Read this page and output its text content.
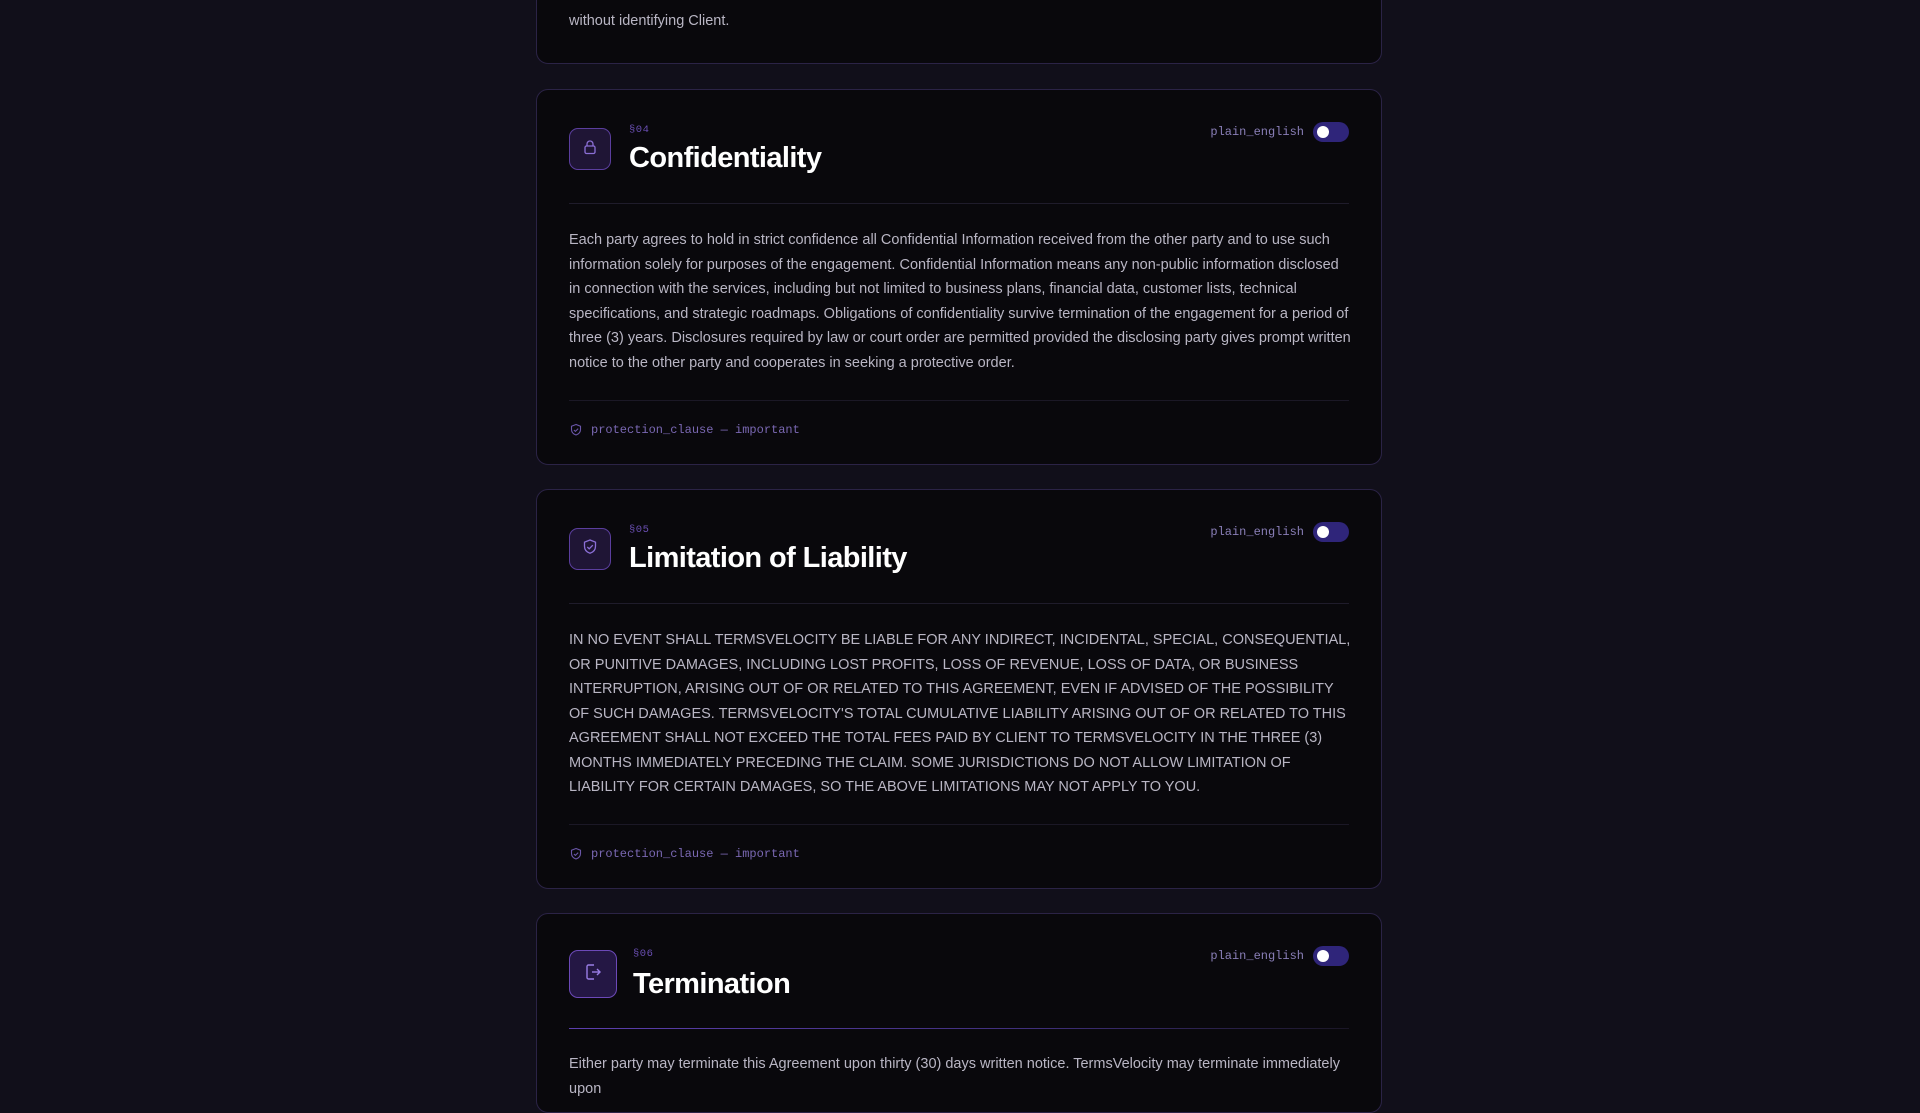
without identifying Client.
§04
Confidentiality
plain_english
Each party agrees to hold in strict confidence all Confidential Information received from the other party and to use such information solely for purposes of the engagement. Confidential Information means any non-public information disclosed in connection with the services, including but not limited to business plans, financial data, customer lists, technical specifications, and strategic roadmaps. Obligations of confidentiality survive termination of the engagement for a period of three (3) years. Disclosures required by law or court order are permitted provided the disclosing party gives prompt written notice to the other party and cooperates in seeking a protective order.
protection_clause — important
§05
Limitation of Liability
plain_english
IN NO EVENT SHALL TERMSVELOCITY BE LIABLE FOR ANY INDIRECT, INCIDENTAL, SPECIAL, CONSEQUENTIAL, OR PUNITIVE DAMAGES, INCLUDING LOST PROFITS, LOSS OF REVENUE, LOSS OF DATA, OR BUSINESS INTERRUPTION, ARISING OUT OF OR RELATED TO THIS AGREEMENT, EVEN IF ADVISED OF THE POSSIBILITY OF SUCH DAMAGES. TERMSVELOCITY'S TOTAL CUMULATIVE LIABILITY ARISING OUT OF OR RELATED TO THIS AGREEMENT SHALL NOT EXCEED THE TOTAL FEES PAID BY CLIENT TO TERMSVELOCITY IN THE THREE (3) MONTHS IMMEDIATELY PRECEDING THE CLAIM. SOME JURISDICTIONS DO NOT ALLOW LIMITATION OF LIABILITY FOR CERTAIN DAMAGES, SO THE ABOVE LIMITATIONS MAY NOT APPLY TO YOU.
protection_clause — important
§06
Termination
plain_english
Either party may terminate this Agreement upon thirty (30) days written notice. TermsVelocity may terminate immediately upon
